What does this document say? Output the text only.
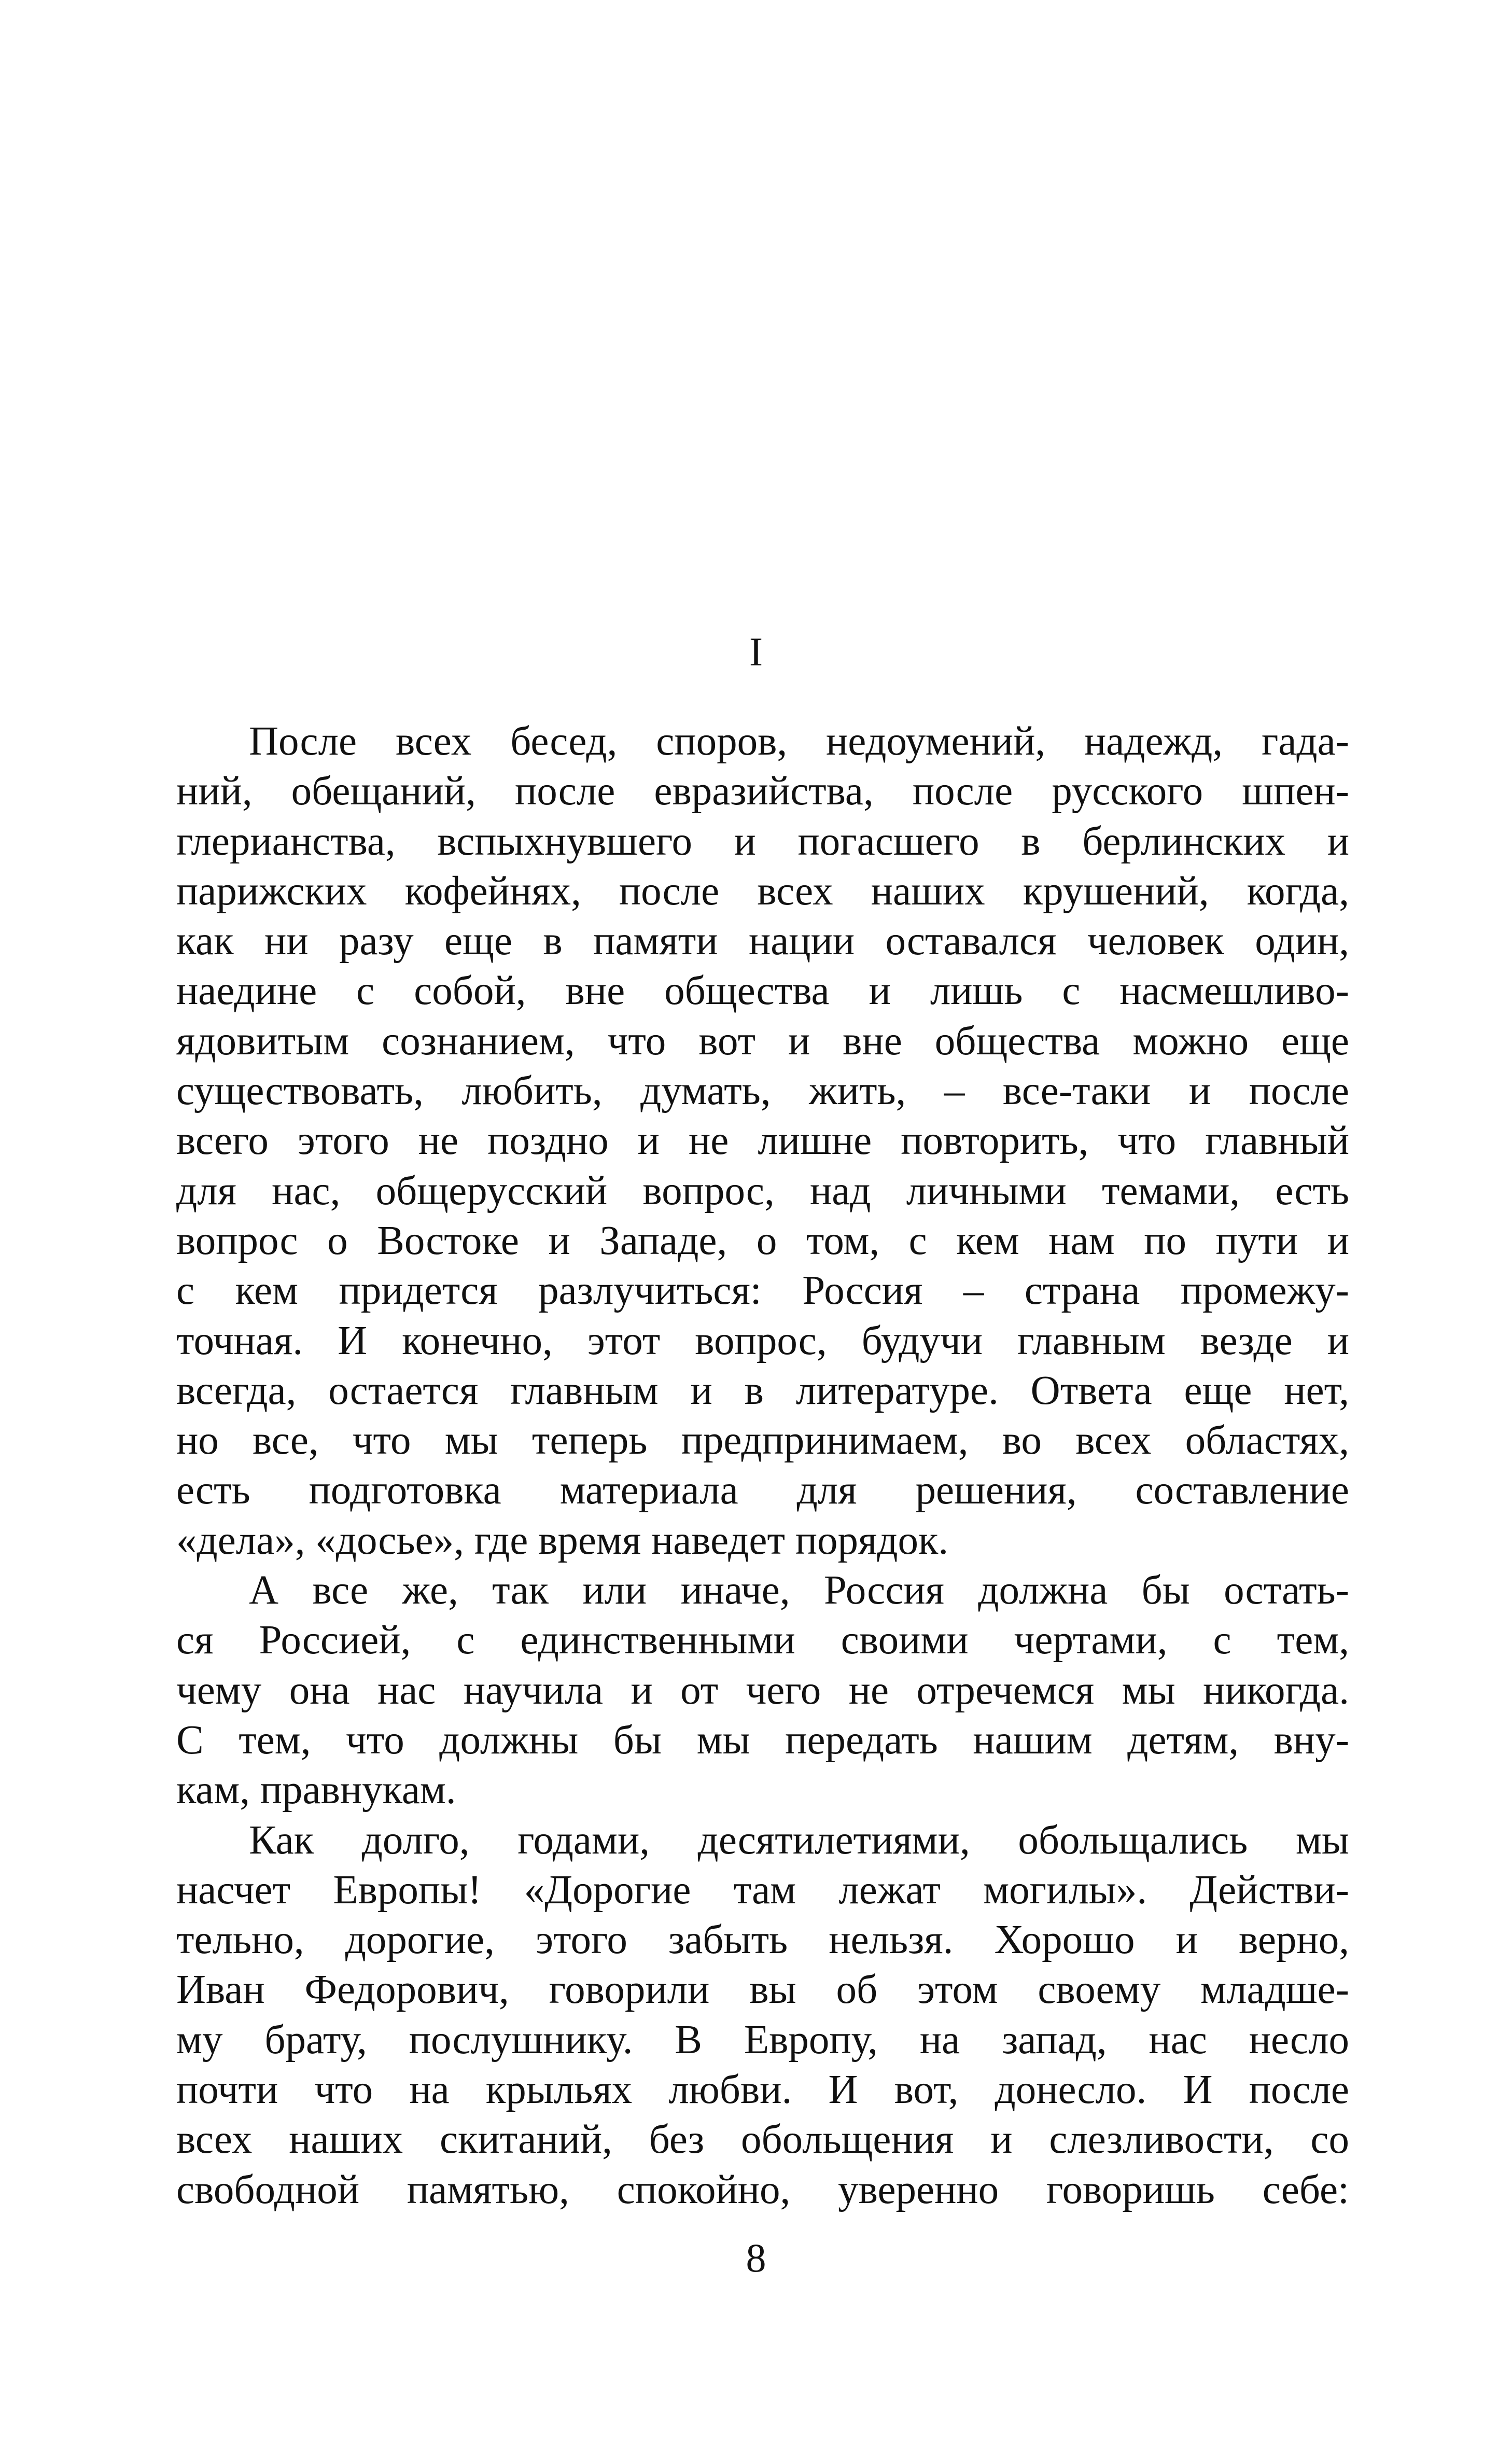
I
После всех бесед, споров, недоумений, надежд, гада-
ний, обещаний, после евразийства, после русского шпен-
глерианства, вспыхнувшего и погасшего в берлинских и
парижских кофейнях, после всех наших крушений, когда,
как ни разу еще в памяти нации оставался человек один,
наедине с собой, вне общества и лишь с насмешливо-
ядовитым сознанием, что вот и вне общества можно еще
существовать, любить, думать, жить, – все-таки и после
всего этого не поздно и не лишне повторить, что главный
для нас, общерусский вопрос, над личными темами, есть
вопрос о Востоке и Западе, о том, с кем нам по пути и
с кем придется разлучиться: Россия – страна промежу-
точная. И конечно, этот вопрос, будучи главным везде и
всегда, остается главным и в литературе. Ответа еще нет,
но все, что мы теперь предпринимаем, во всех областях,
есть подготовка материала для решения, составление
«дела», «досье», где время наведет порядок.
А все же, так или иначе, Россия должна бы остать-
ся Россией, с единственными своими чертами, с тем,
чему она нас научила и от чего не отречемся мы никогда.
С тем, что должны бы мы передать нашим детям, вну-
кам, правнукам.
Как долго, годами, десятилетиями, обольщались мы
насчет Европы! «Дорогие там лежат могилы». Действи-
тельно, дорогие, этого забыть нельзя. Хорошо и верно,
Иван Федорович, говорили вы об этом своему младше-
му брату, послушнику. В Европу, на запад, нас несло
почти что на крыльях любви. И вот, донесло. И после
всех наших скитаний, без обольщения и слезливости, со
свободной памятью, спокойно, уверенно говоришь себе:
8
